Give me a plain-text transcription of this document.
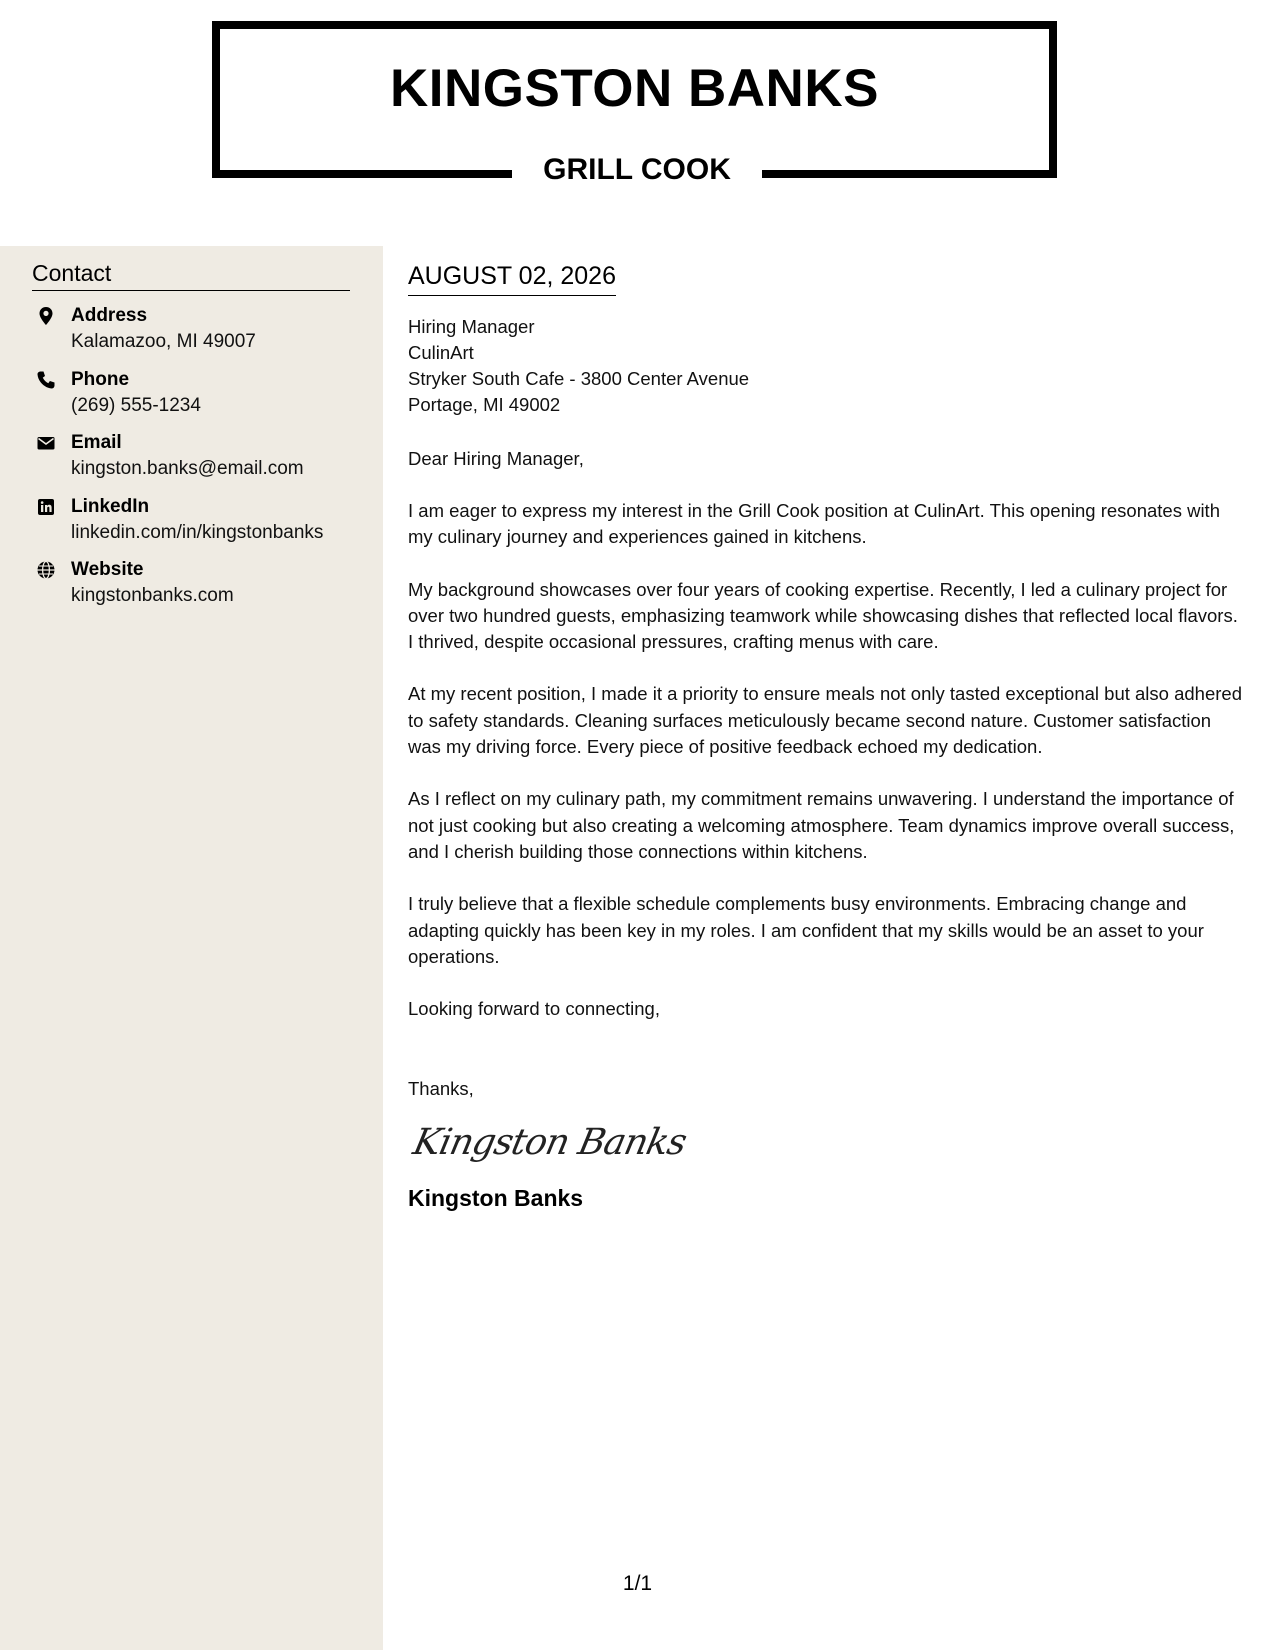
KINGSTON BANKS
GRILL COOK
Contact
Address
Kalamazoo, MI 49007
Phone
(269) 555-1234
Email
kingston.banks@email.com
LinkedIn
linkedin.com/in/kingstonbanks
Website
kingstonbanks.com
AUGUST 02, 2026
Hiring Manager
CulinArt
Stryker South Cafe - 3800 Center Avenue
Portage, MI 49002
Dear Hiring Manager,
I am eager to express my interest in the Grill Cook position at CulinArt. This opening resonates with my culinary journey and experiences gained in kitchens.
My background showcases over four years of cooking expertise. Recently, I led a culinary project for over two hundred guests, emphasizing teamwork while showcasing dishes that reflected local flavors. I thrived, despite occasional pressures, crafting menus with care.
At my recent position, I made it a priority to ensure meals not only tasted exceptional but also adhered to safety standards. Cleaning surfaces meticulously became second nature. Customer satisfaction was my driving force. Every piece of positive feedback echoed my dedication.
As I reflect on my culinary path, my commitment remains unwavering. I understand the importance of not just cooking but also creating a welcoming atmosphere. Team dynamics improve overall success, and I cherish building those connections within kitchens.
I truly believe that a flexible schedule complements busy environments. Embracing change and adapting quickly has been key in my roles. I am confident that my skills would be an asset to your operations.
Looking forward to connecting,
Thanks,
Kingston Banks
Kingston Banks
1/1
